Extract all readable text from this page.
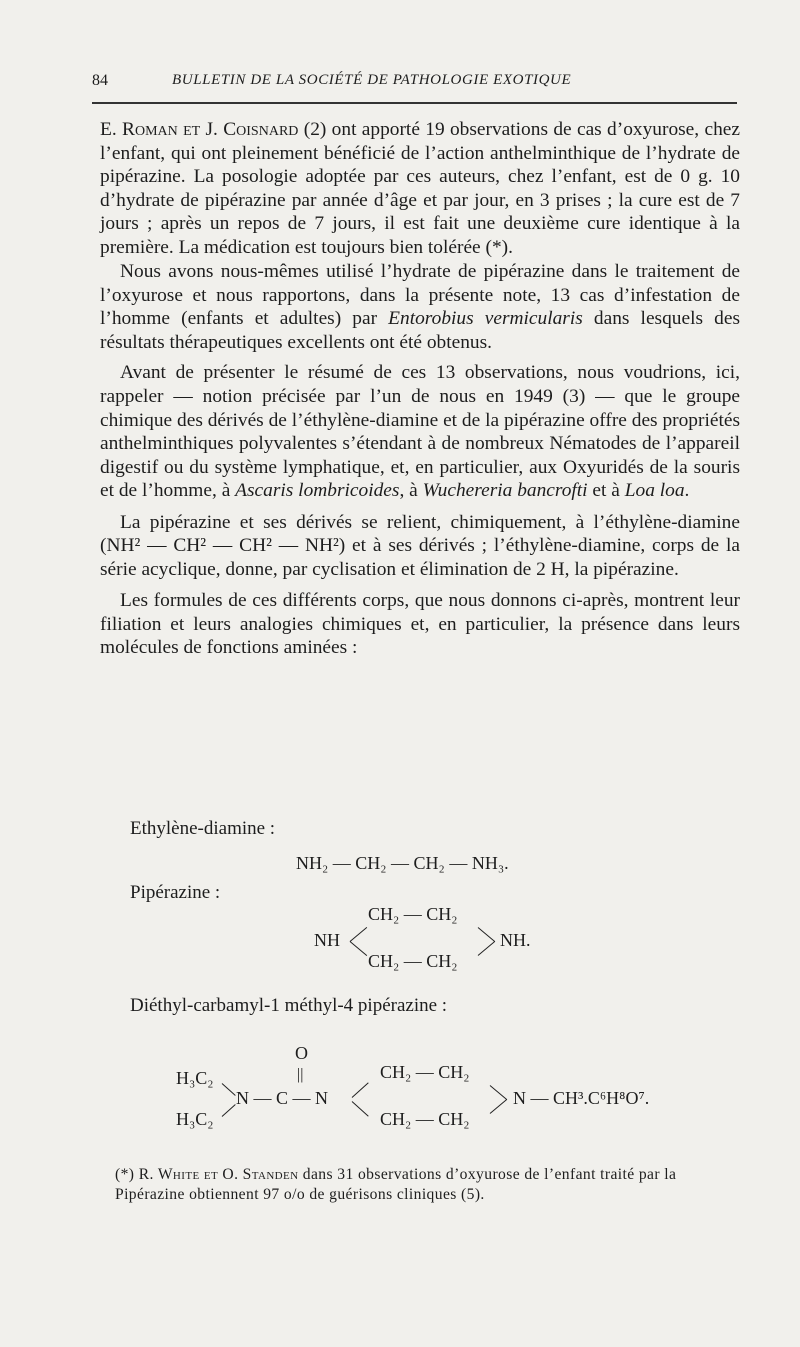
84	BULLETIN DE LA SOCIÉTÉ DE PATHOLOGIE EXOTIQUE

E. Roman et J. Coisnard (2) ont apporté 19 observations de cas d’oxyurose, chez l’enfant, qui ont pleinement bénéficié de l’action anthelminthique de l’hydrate de pipérazine. La posologie adoptée par ces auteurs, chez l’enfant, est de 0 g. 10 d’hydrate de pipérazine par année d’âge et par jour, en 3 prises ; la cure est de 7 jours ; après un repos de 7 jours, il est fait une deuxième cure identique à la première. La médication est toujours bien tolérée (*).

Nous avons nous-mêmes utilisé l’hydrate de pipérazine dans le traitement de l’oxyurose et nous rapportons, dans la présente note, 13 cas d’infestation de l’homme (enfants et adultes) par Entorobius vermicularis dans lesquels des résultats thérapeutiques excellents ont été obtenus.

Avant de présenter le résumé de ces 13 observations, nous voudrions, ici, rappeler — notion précisée par l’un de nous en 1949 (3) — que le groupe chimique des dérivés de l’éthylène-diamine et de la pipérazine offre des propriétés anthelminthiques polyvalentes s’étendant à de nombreux Nématodes de l’appareil digestif ou du système lymphatique, et, en particulier, aux Oxyuridés de la souris et de l’homme, à Ascaris lombricoides, à Wuchereria bancrofti et à Loa loa.

La pipérazine et ses dérivés se relient, chimiquement, à l’éthylène-diamine (NH² — CH² — CH² — NH²) et à ses dérivés ; l’éthylène-diamine, corps de la série acyclique, donne, par cyclisation et élimination de 2 H, la pipérazine.

Les formules de ces différents corps, que nous donnons ci-après, montrent leur filiation et leurs analogies chimiques et, en particulier, la présence dans leurs molécules de fonctions aminées :

Ethylène-diamine :
NH₂ — CH₂ — CH₂ — NH₃.
Pipérazine :
NH
CH₂ — CH₂
CH₂ — CH₂
NH.
Diéthyl-carbamyl-1 méthyl-4 pipérazine :
O
||
H₃C₂
H₃C₂
N — C — N
CH₂ — CH₂
CH₂ — CH₂
N — CH³.C⁶H⁸O⁷.

(*) R. White et O. Standen dans 31 observations d’oxyurose de l’enfant traité par la Pipérazine obtiennent 97 o/o de guérisons cliniques (5).
